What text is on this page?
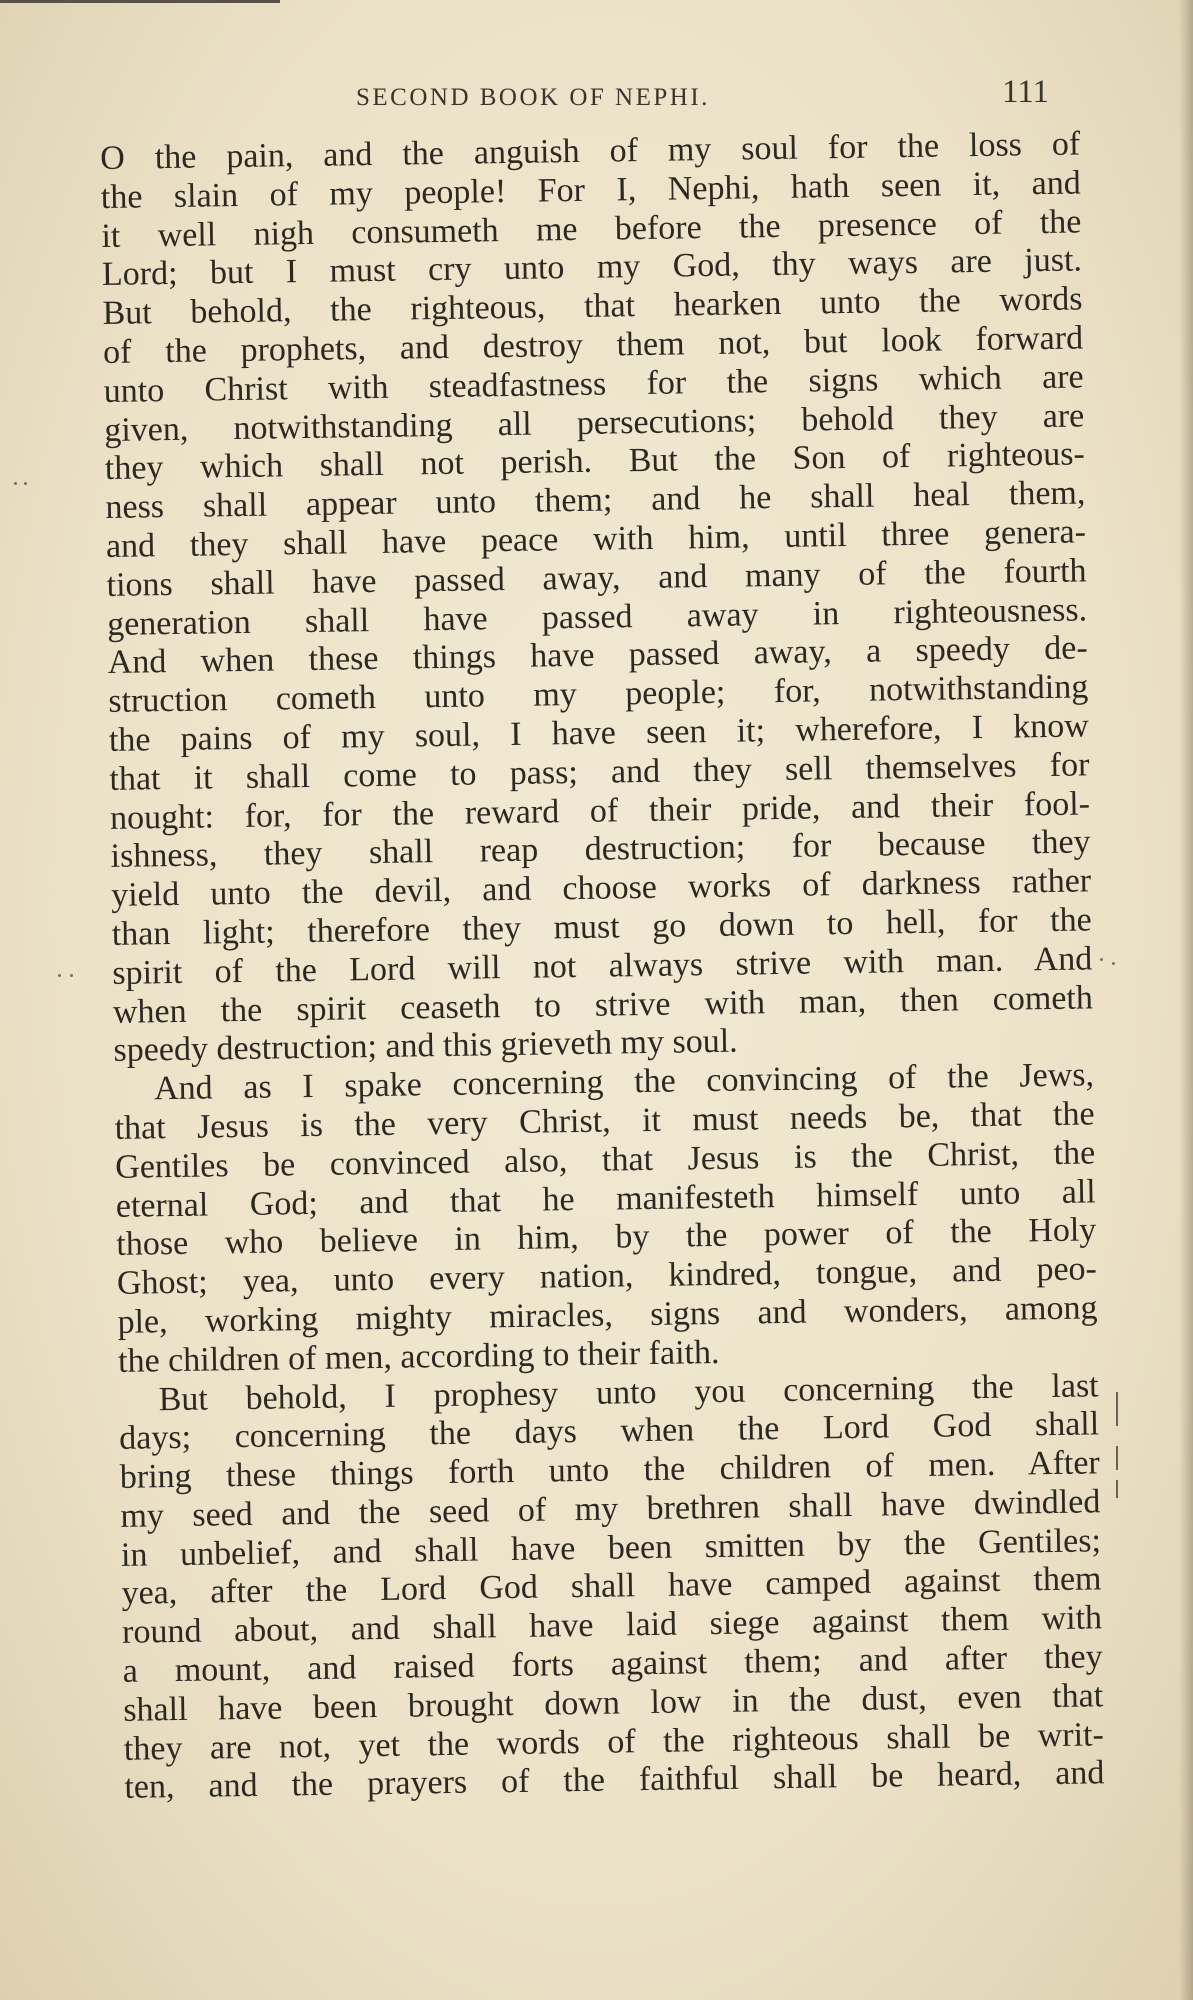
SECOND BOOK OF NEPHI.	111
O the pain, and the anguish of my soul for the loss of
the slain of my people! For I, Nephi, hath seen it, and
it well nigh consumeth me before the presence of the
Lord; but I must cry unto my God, thy ways are just.
But behold, the righteous, that hearken unto the words
of the prophets, and destroy them not, but look forward
unto Christ with steadfastness for the signs which are
given, notwithstanding all persecutions; behold they are
they which shall not perish. But the Son of righteous-
ness shall appear unto them; and he shall heal them,
and they shall have peace with him, until three genera-
tions shall have passed away, and many of the fourth
generation shall have passed away in righteousness.
And when these things have passed away, a speedy de-
struction cometh unto my people; for, notwithstanding
the pains of my soul, I have seen it; wherefore, I know
that it shall come to pass; and they sell themselves for
nought: for, for the reward of their pride, and their fool-
ishness, they shall reap destruction; for because they
yield unto the devil, and choose works of darkness rather
than light; therefore they must go down to hell, for the
spirit of the Lord will not always strive with man. And
when the spirit ceaseth to strive with man, then cometh
speedy destruction; and this grieveth my soul.
And as I spake concerning the convincing of the Jews,
that Jesus is the very Christ, it must needs be, that the
Gentiles be convinced also, that Jesus is the Christ, the
eternal God; and that he manifesteth himself unto all
those who believe in him, by the power of the Holy
Ghost; yea, unto every nation, kindred, tongue, and peo-
ple, working mighty miracles, signs and wonders, among
the children of men, according to their faith.
But behold, I prophesy unto you concerning the last
days; concerning the days when the Lord God shall
bring these things forth unto the children of men. After
my seed and the seed of my brethren shall have dwindled
in unbelief, and shall have been smitten by the Gentiles;
yea, after the Lord God shall have camped against them
round about, and shall have laid siege against them with
a mount, and raised forts against them; and after they
shall have been brought down low in the dust, even that
they are not, yet the words of the righteous shall be writ-
ten, and the prayers of the faithful shall be heard, and
